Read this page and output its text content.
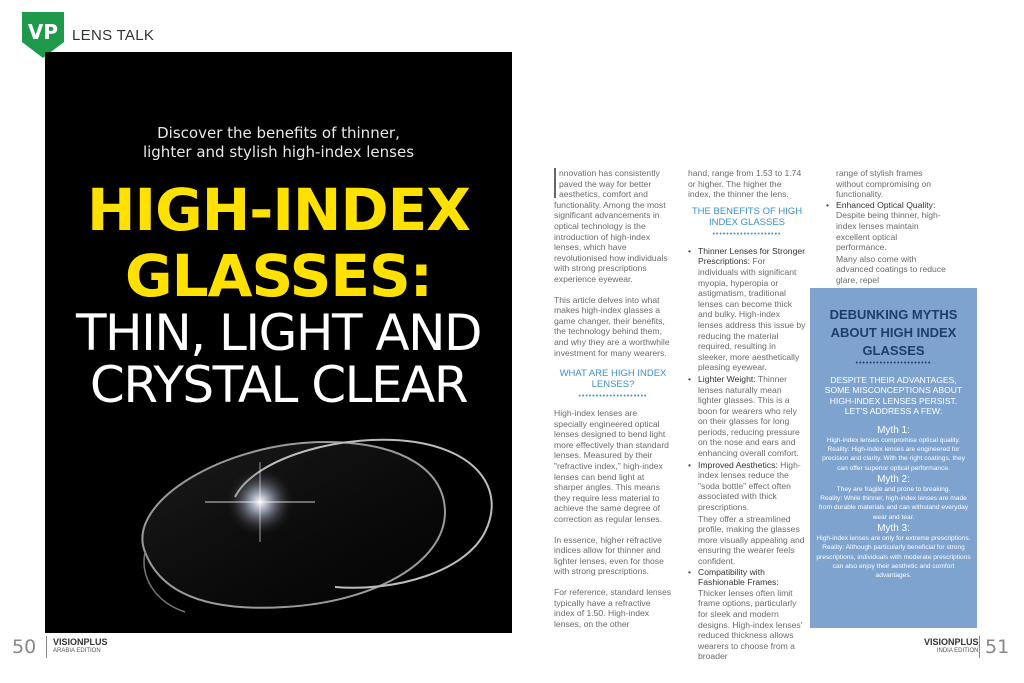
VP LENS TALK
Discover the benefits of thinner,
lighter and stylish high-index lenses
HIGH-INDEX
GLASSES:
THIN, LIGHT AND
CRYSTAL CLEAR

nnovation has consistently paved the way for better aesthetics, comfort and functionality. Among the most significant advancements in optical technology is the introduction of high-index lenses, which have revolutionised how individuals with strong prescriptions experience eyewear.

This article delves into what makes high-index glasses a game changer, their benefits, the technology behind them, and why they are a worthwhile investment for many wearers.

WHAT ARE HIGH INDEX LENSES?
••••••••••••••••••••

High-index lenses are specially engineered optical lenses designed to bend light more effectively than standard lenses. Measured by their "refractive index," high-index lenses can bend light at sharper angles. This means they require less material to achieve the same degree of correction as regular lenses.

In essence, higher refractive indices allow for thinner and lighter lenses, even for those with strong prescriptions.

For reference, standard lenses typically have a refractive index of 1.50. High-index lenses, on the other

hand, range from 1.53 to 1.74 or higher. The higher the index, the thinner the lens.

THE BENEFITS OF HIGH INDEX GLASSES
••••••••••••••••••••
• Thinner Lenses for Stronger Prescriptions: For individuals with significant myopia, hyperopia or astigmatism, traditional lenses can become thick and bulky. High-index lenses address this issue by reducing the material required, resulting in sleeker, more aesthetically pleasing eyewear.
• Lighter Weight: Thinner lenses naturally mean lighter glasses. This is a boon for wearers who rely on their glasses for long periods, reducing pressure on the nose and ears and enhancing overall comfort.
• Improved Aesthetics: High-index lenses reduce the "soda bottle" effect often associated with thick prescriptions.
They offer a streamlined profile, making the glasses more visually appealing and ensuring the wearer feels confident.
• Compatibility with Fashionable Frames: Thicker lenses often limit frame options, particularly for sleek and modern designs. High-index lenses' reduced thickness allows wearers to choose from a broader
range of stylish frames without compromising on functionality.
• Enhanced Optical Quality: Despite being thinner, high-index lenses maintain excellent optical performance.
Many also come with advanced coatings to reduce glare, repel
DEBUNKING MYTHS ABOUT HIGH INDEX GLASSES
••••••••••••••••••••••
DESPITE THEIR ADVANTAGES, SOME MISCONCEPTIONS ABOUT HIGH-INDEX LENSES PERSIST. LET'S ADDRESS A FEW:
Myth 1:
High-index lenses compromise optical quality.
Reality: High-index lenses are engineered for precision and clarity. With the right coatings, they can offer superior optical performance.
Myth 2:
They are fragile and prone to breaking.
Reality: While thinner, high-index lenses are made from durable materials and can withstand everyday wear and tear.
Myth 3:
High-index lenses are only for extreme prescriptions.
Reality: Although particularly beneficial for strong prescriptions, individuals with moderate prescriptions can also enjoy their aesthetic and comfort advantages.
50 VISIONPLUS
ARABIA EDITION
VISIONPLUS
INDIA EDITION 51
